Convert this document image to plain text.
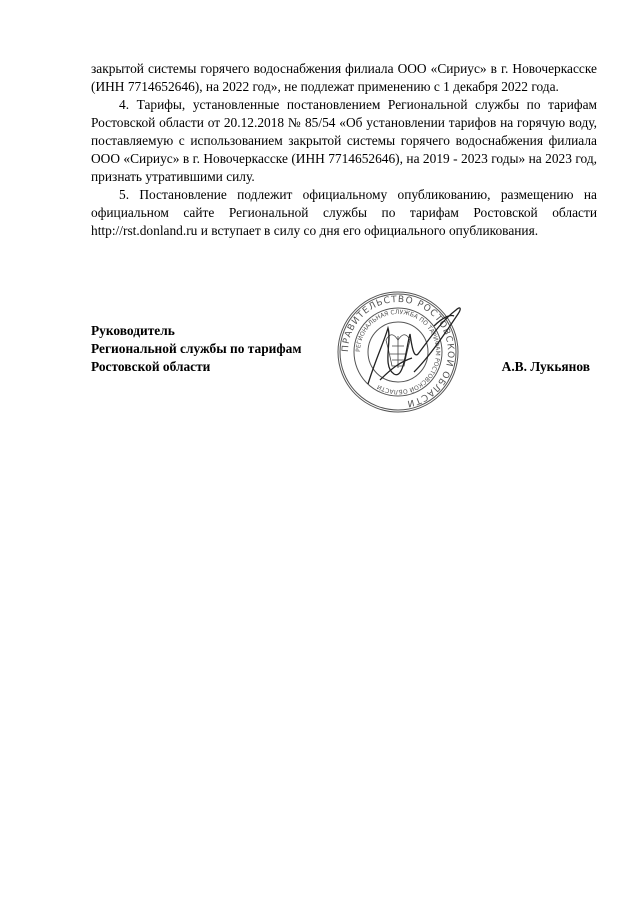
закрытой системы горячего водоснабжения филиала ООО «Сириус» в г. Новочеркасске (ИНН 7714652646), на 2022 год», не подлежат применению с 1 декабря 2022 года.

4. Тарифы, установленные постановлением Региональной службы по тарифам Ростовской области от 20.12.2018 № 85/54 «Об установлении тарифов на горячую воду, поставляемую с использованием закрытой системы горячего водоснабжения филиала ООО «Сириус» в г. Новочеркасске (ИНН 7714652646), на 2019 - 2023 годы» на 2023 год, признать утратившими силу.

5. Постановление подлежит официальному опубликованию, размещению на официальном сайте Региональной службы по тарифам Ростовской области http://rst.donland.ru и вступает в силу со дня его официального опубликования.

Руководитель
Региональной службы по тарифам
Ростовской области	А.В. Лукьянов
ПРАВИТЕЛЬСТВО РОСТОВСКОЙ ОБЛАСТИ
РЕГИОНАЛЬНАЯ СЛУЖБА ПО ТАРИФАМ РОСТОВСКОЙ ОБЛАСТИ
